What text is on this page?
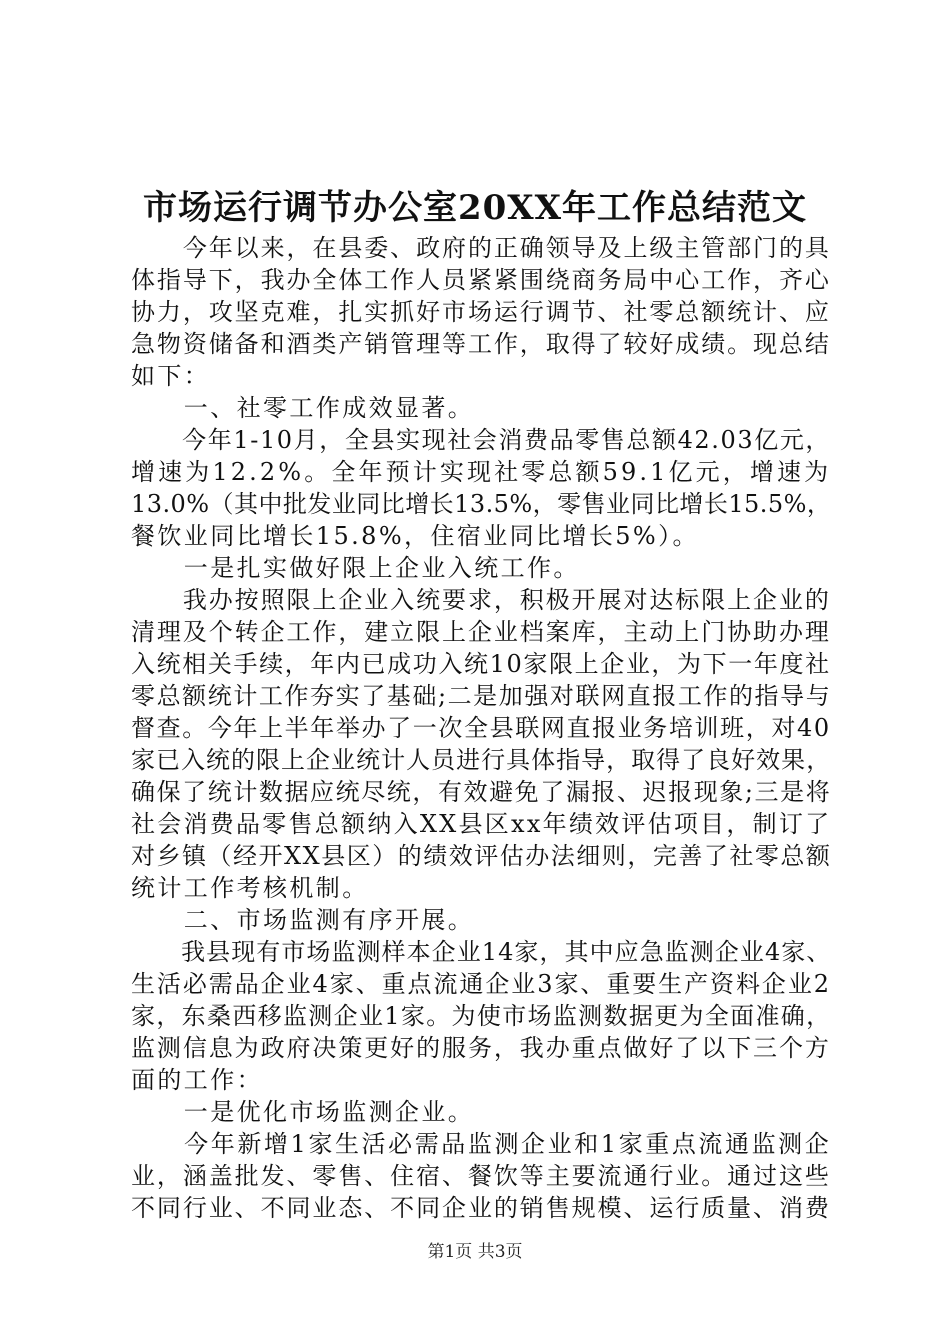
市场运行调节办公室20XX年工作总结范文
　　今年以来，在县委、政府的正确领导及上级主管部门的具
体指导下，我办全体工作人员紧紧围绕商务局中心工作，齐心
协力，攻坚克难，扎实抓好市场运行调节、社零总额统计、应
急物资储备和酒类产销管理等工作，取得了较好成绩。现总结
如下：
　　一、社零工作成效显著。
　　今年1-10月，全县实现社会消费品零售总额42.03亿元，
增速为12.2%。全年预计实现社零总额59.1亿元，增速为
13.0%（其中批发业同比增长13.5%，零售业同比增长15.5%，
餐饮业同比增长15.8%，住宿业同比增长5%）。
　　一是扎实做好限上企业入统工作。
　　我办按照限上企业入统要求，积极开展对达标限上企业的
清理及个转企工作，建立限上企业档案库，主动上门协助办理
入统相关手续，年内已成功入统10家限上企业，为下一年度社
零总额统计工作夯实了基础;二是加强对联网直报工作的指导与
督查。今年上半年举办了一次全县联网直报业务培训班，对40
家已入统的限上企业统计人员进行具体指导，取得了良好效果，
确保了统计数据应统尽统，有效避免了漏报、迟报现象;三是将
社会消费品零售总额纳入XX县区xx年绩效评估项目，制订了
对乡镇（经开XX县区）的绩效评估办法细则，完善了社零总额
统计工作考核机制。
　　二、市场监测有序开展。
　　我县现有市场监测样本企业14家，其中应急监测企业4家、
生活必需品企业4家、重点流通企业3家、重要生产资料企业2
家，东桑西移监测企业1家。为使市场监测数据更为全面准确，
监测信息为政府决策更好的服务，我办重点做好了以下三个方
面的工作：
　　一是优化市场监测企业。
　　今年新增1家生活必需品监测企业和1家重点流通监测企
业，涵盖批发、零售、住宿、餐饮等主要流通行业。通过这些
不同行业、不同业态、不同企业的销售规模、运行质量、消费
第1页 共3页
